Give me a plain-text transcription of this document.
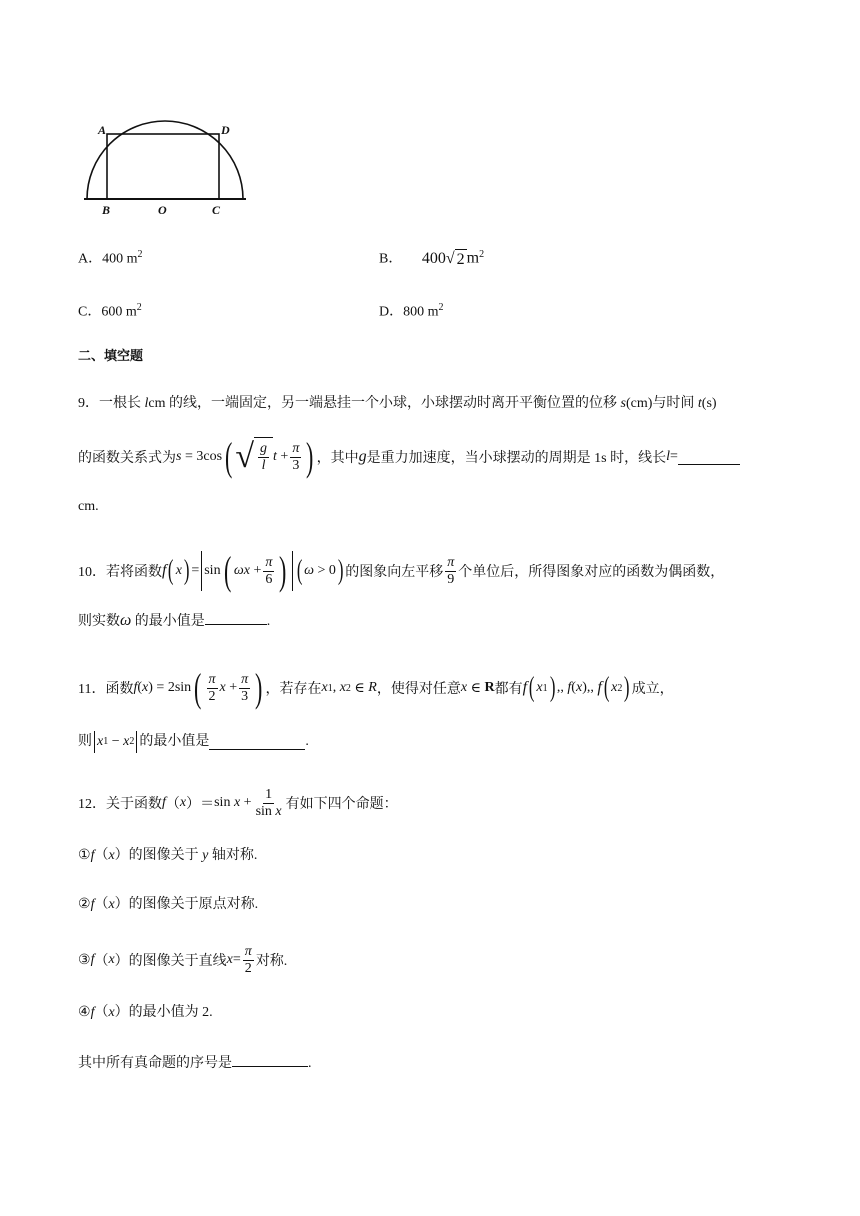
A	D
B	O	C
A．400 $m^2$	B． 400 √ 2 $m^2$
C．600 $m^2$	D．800 $m^2$
二、填空题
9．一根长 lcm 的线，一端固定，另一端悬挂一个小球，小球摆动时离开平衡位置的位移 s(cm)与时间 t(s)
的函数关系式为 s = 3cos ( √ $\frac{g}{l}$ $t + \frac{\pi}{3}$ ) ，其中 g 是重力加速度，当小球摆动的周期是 1s 时，线长 l =
cm.
10．若将函数 f ( x ) = sin ( $\omega x + \frac{\pi}{6}$ ) ( ω > 0 ) 的图象向左平移 $\frac{\pi}{9}$ 个单位后，所得图象对应的函数为偶函数，
则实数ω 的最小值是	.
11．函数 f ( x ) = 2sin ( $\frac{\pi}{2}$ $x + \frac{\pi}{3}$ ) ，若存在 x 1 , x 2 ∈ R ，使得对任意 x ∈ R 都有 f ( x 1 ) ,, f ( x ),, f ( x 2 ) 成立，
则 x 1 − x 2 的最小值是	.
12．关于函数 f （ x ）＝ $\sin x + \frac{1}{\text{sin x}}$ 有如下四个命题：
①f（x）的图像关于 y 轴对称.
②f（x）的图像关于原点对称.
③ f （ x ） 的图像关于直线 $x = \frac{\pi}{2}$ 对称.
④f（x）的最小值为 2.
其中所有真命题的序号是	.
